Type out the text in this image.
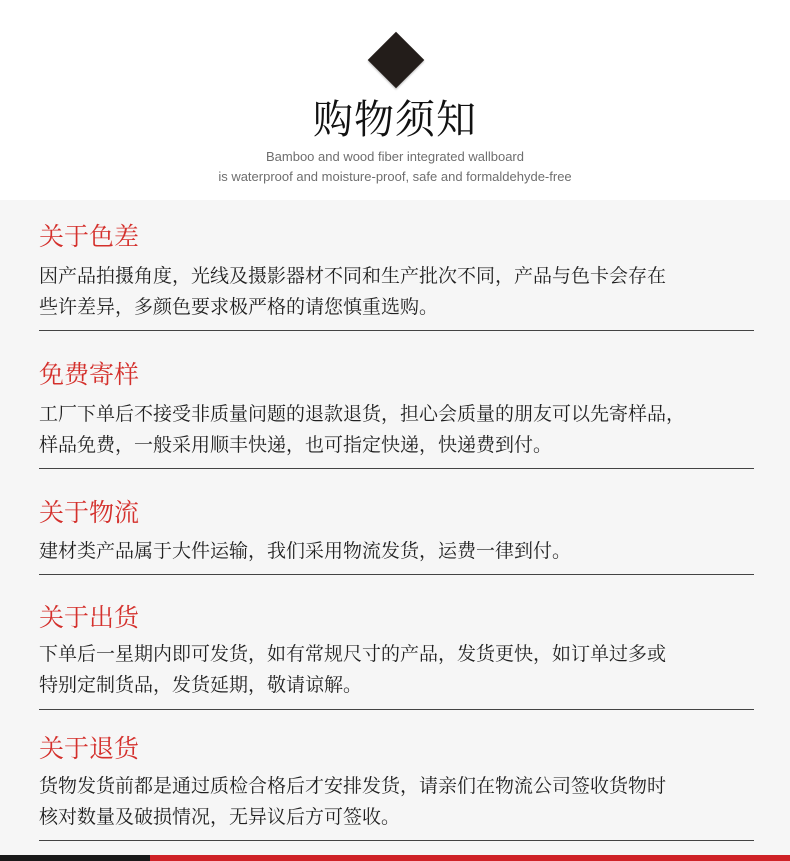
购物须知
Bamboo and wood fiber integrated wallboard
is waterproof and moisture-proof, safe and formaldehyde-free
关于色差
因产品拍摄角度，光线及摄影器材不同和生产批次不同，产品与色卡会存在
些许差异，多颜色要求极严格的请您慎重选购。
免费寄样
工厂下单后不接受非质量问题的退款退货，担心会质量的朋友可以先寄样品，
样品免费，一般采用顺丰快递，也可指定快递，快递费到付。
关于物流
建材类产品属于大件运输，我们采用物流发货，运费一律到付。
关于出货
下单后一星期内即可发货，如有常规尺寸的产品，发货更快，如订单过多或
特别定制货品，发货延期，敬请谅解。
关于退货
货物发货前都是通过质检合格后才安排发货，请亲们在物流公司签收货物时
核对数量及破损情况，无异议后方可签收。
